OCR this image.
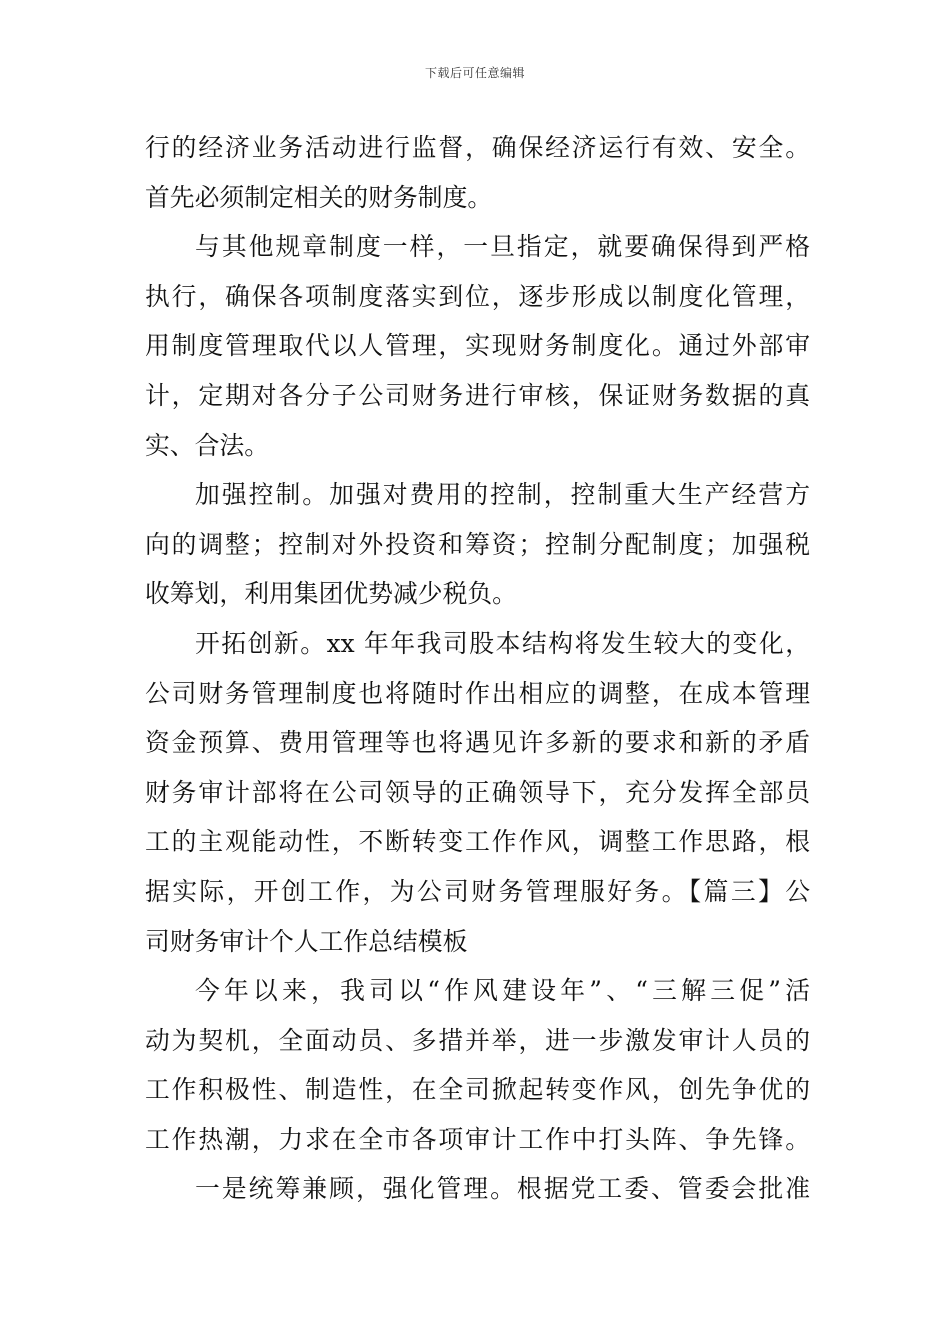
下载后可任意编辑
行的经济业务活动进行监督，确保经济运行有效、安全。
首先必须制定相关的财务制度。
与其他规章制度一样，一旦指定，就要确保得到严格
执行，确保各项制度落实到位，逐步形成以制度化管理，
用制度管理取代以人管理，实现财务制度化。通过外部审
计，定期对各分子公司财务进行审核，保证财务数据的真
实、合法。
加强控制。加强对费用的控制，控制重大生产经营方
向的调整；控制对外投资和筹资；控制分配制度；加强税
收筹划，利用集团优势减少税负。
开拓创新。xx 年年我司股本结构将发生较大的变化，
公司财务管理制度也将随时作出相应的调整，在成本管理
资金预算、费用管理等也将遇见许多新的要求和新的矛盾
财务审计部将在公司领导的正确领导下，充分发挥全部员
工的主观能动性，不断转变工作作风，调整工作思路，根
据实际，开创工作，为公司财务管理服好务。【篇三】公
司财务审计个人工作总结模板
今年以来，我司以“作风建设年”、“三解三促”活
动为契机，全面动员、多措并举，进一步激发审计人员的
工作积极性、制造性，在全司掀起转变作风，创先争优的
工作热潮，力求在全市各项审计工作中打头阵、争先锋。
一是统筹兼顾，强化管理。根据党工委、管委会批准
